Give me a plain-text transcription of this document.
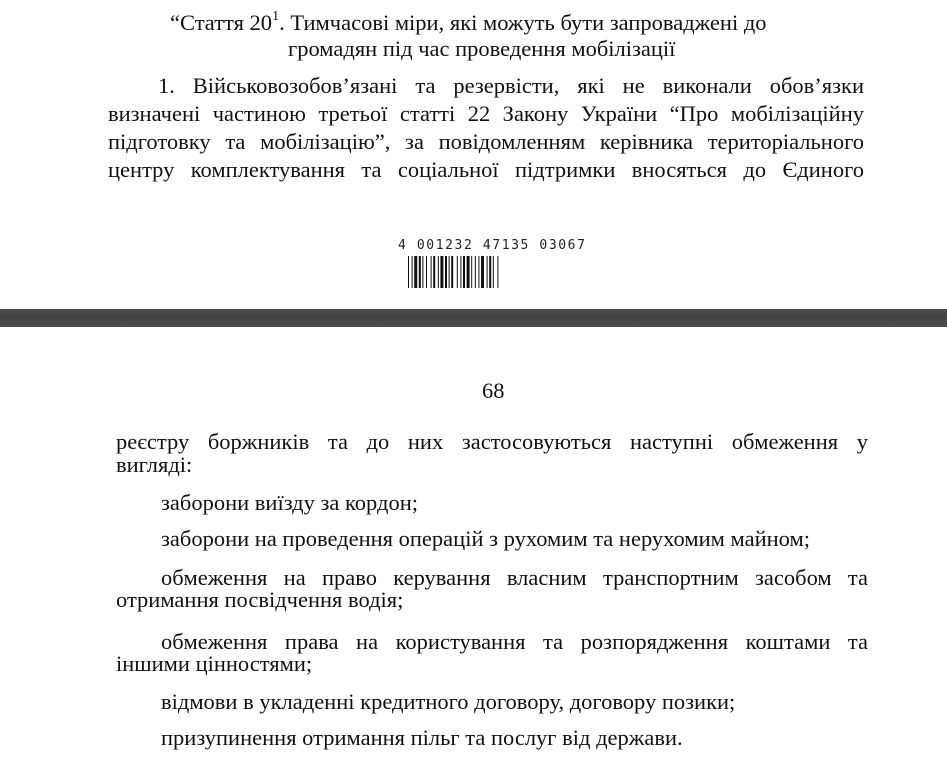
“Стаття $20^1$. Тимчасові міри, які можуть бути запроваджені до
громадян під час проведення мобілізації
1. Військовозобов’язані та резервісти, які не виконали обов’язки
визначені частиною третьої статті 22 Закону України “Про мобілізаційну
підготовку та мобілізацію”, за повідомленням керівника територіального
центру комплектування та соціальної підтримки вносяться до Єдиного
4 001232 47135 03067
68
реєстру боржників та до них застосовуються наступні обмеження у
вигляді:
заборони виїзду за кордон;
заборони на проведення операцій з рухомим та нерухомим майном;
обмеження на право керування власним транспортним засобом та
отримання посвідчення водія;
обмеження права на користування та розпорядження коштами та
іншими цінностями;
відмови в укладенні кредитного договору, договору позики;
призупинення отримання пільг та послуг від держави.
